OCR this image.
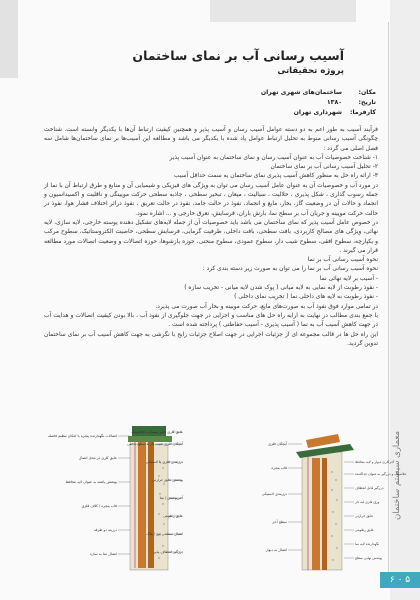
معماری سیستم ساختمان
۶ ۰ ۵
آسیب رسانی آب بر نمای ساختمان
پروژه تحقیقاتی
مکان:
ساختمان‌های شهری تهران
تاریخ:
۱۳۸۰
کارفرما:
شهرداری تهران

فرآیند آسیب به طور اعم به دو دسته عوامل آسیب رسان و آسیب پذیر و همچنین کیفیت ارتباط آن‌ها با یکدیگر وابسته است. شناخت چگونگی آسیب رسانی منوط به تحلیل ارتباط عوامل یاد شده با یکدیگر می باشد و مطالعه این آسیب‌ها بر نمای ساختمان‌ها شامل سه فصل اصلی می گردد :

۱- شناخت خصوصیات آب به عنوان آسیب رسان و نمای ساختمان به عنوان آسیب پذیر

۲- تحلیل آسیب رسانی آب بر نمای ساختمان

۳- ارائه راه حل به منظور کاهش آسیب پذیری نمای ساختمان به سمت حداقل آسیب

در مورد آب و خصوصیات آن به عنوان عامل آسیب رسان می توان به ویژگی های فیزیکی و شیمیایی آن و منابع و طرق ارتباط آن با نما از جمله رسوب گذاری ، شکل پذیری ، حلالیت ، سیالیت ، میعان ، تبخیر سطحی ، جاذبه سطحی حرکت مویینگی و ناقلیت و اکسیداسیون و انجماد و حالات آن در وضعیت گاز، بخار، مایع و انجماد، نفوذ در حالت جامد، نفوذ در حالت تعریق ، نفوذ دراثر اختلاف فشار هوا، نفوذ در حالت حرکت مویینه و جریان آب بر سطح نما، بارش باران، فرسایش، تعرق خارجی و ... اشاره نمود.

در خصوص عامل آسیب پذیر که نمای ساختمان می باشد باید خصوصیات آن از جمله لایه‌های تشکیل دهنده پوسته خارجی، لایه سازی، لایه نهائی، ویژگی های مصالح کاربردی، بافت سطحی، بافت داخلی، ظرفیت گرمایی، فرسایش سطحی، خاصیت الکتروستاتیک، سطوح مرکب و یکپارچه، سطوح افقی، سطوح شیب دار، سطوح عمودی، سطوح منحنی، حوزه بازشوها، حوزه اتصالات و وضعیت اتصالات مورد مطالعه قرار می گیرند .

نحوه آسیب رسانی آب بر نما

نحوه آسیب رسانی آب بر نما را می توان به صورت زیر دسته بندی کرد :

- آسیب بر لایه نهائی نما

- نفوذ رطوبت از لایه نمایی به لایه میانی ( پوک شدن لایه میانی - تخریب سازه )

- نفوذ رطوبت به لایه های داخلی نما ( تخریب نمای داخلی )

در تمامی موارد فوق نفوذ آب به صورت‌های مایع، حرکت مویینه و بخار آب صورت می پذیرد.

با جمع بندی مطالب در نهایت به ارایه راه حل های مناسب و اجرایی در جهت جلوگیری از نفوذ آب ، بالا بودن کیفیت اتصالات و هدایت آب در جهت کاهش آسیب آب به نما ( آسیب پذیری - آسیب حفاظتی ) پرداخته شده است .

این راه حل ها در قالب مجموعه ای از جزئیات اجرایی در جهت اصلاح جزئیات رایج با نگرشی به جهت کاهش آسیب آب بر نمای ساختمان تدوین گردید.

عایق کاری فایبر سیمان یا فلاشینگ
آبچکان فلزی شیب دار با سطح داخلی
درزبندی فلزی یا لاستیکی
پوشش عایق حرارتی
آجرپوشش / نما
عایق رطوبتی
اتصال سطحی پیچ / پلاک
درزگیر انعطاف پذیر
اتصالات نگهدارنده پنجره با امکان تنظیم فاصله
عایق کاری در محل اتصال
پوشش پاشنه به عنوان لایه محافظ
قاب پنجره / کلاف فلزی
درزبند دو طرفه
اتصال نما به سازه
آجرکاری دیوار و لایه محافظ
فلاشینگ و درزگیر به عنوان جداکننده
درزگیر قابل انعطاف
ورق فلزی لبه دار
عایق حرارتی
عایق رطوبتی
نگهدارنده لایه نما
پوشش نهایی سطح
آبچکان فلزی
قاب پنجره
درزبندی لاستیکی
سطح آجر
اتصال به دیوار
